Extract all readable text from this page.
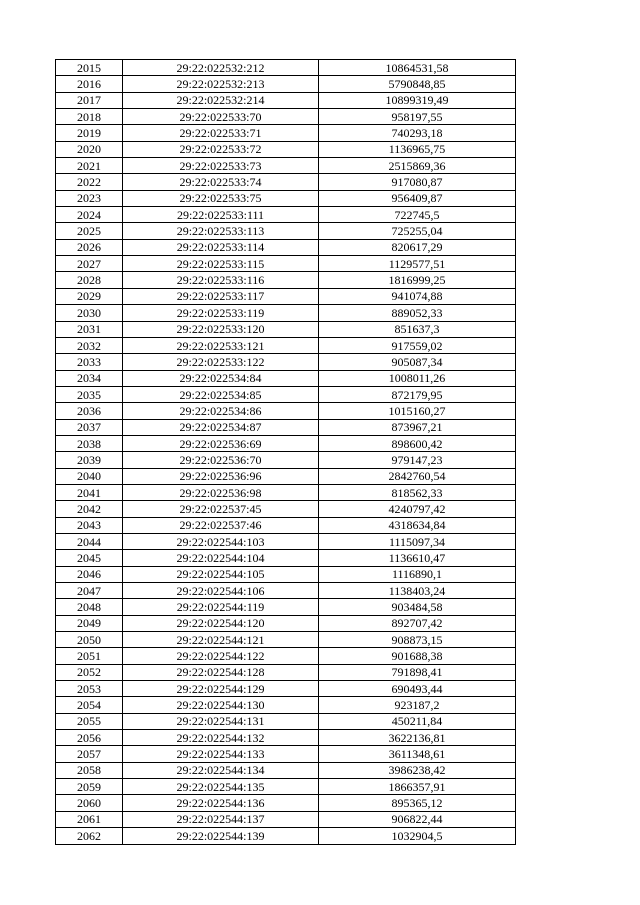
2015	29:22:022532:212	10864531,58
2016	29:22:022532:213	5790848,85
2017	29:22:022532:214	10899319,49
2018	29:22:022533:70	958197,55
2019	29:22:022533:71	740293,18
2020	29:22:022533:72	1136965,75
2021	29:22:022533:73	2515869,36
2022	29:22:022533:74	917080,87
2023	29:22:022533:75	956409,87
2024	29:22:022533:111	722745,5
2025	29:22:022533:113	725255,04
2026	29:22:022533:114	820617,29
2027	29:22:022533:115	1129577,51
2028	29:22:022533:116	1816999,25
2029	29:22:022533:117	941074,88
2030	29:22:022533:119	889052,33
2031	29:22:022533:120	851637,3
2032	29:22:022533:121	917559,02
2033	29:22:022533:122	905087,34
2034	29:22:022534:84	1008011,26
2035	29:22:022534:85	872179,95
2036	29:22:022534:86	1015160,27
2037	29:22:022534:87	873967,21
2038	29:22:022536:69	898600,42
2039	29:22:022536:70	979147,23
2040	29:22:022536:96	2842760,54
2041	29:22:022536:98	818562,33
2042	29:22:022537:45	4240797,42
2043	29:22:022537:46	4318634,84
2044	29:22:022544:103	1115097,34
2045	29:22:022544:104	1136610,47
2046	29:22:022544:105	1116890,1
2047	29:22:022544:106	1138403,24
2048	29:22:022544:119	903484,58
2049	29:22:022544:120	892707,42
2050	29:22:022544:121	908873,15
2051	29:22:022544:122	901688,38
2052	29:22:022544:128	791898,41
2053	29:22:022544:129	690493,44
2054	29:22:022544:130	923187,2
2055	29:22:022544:131	450211,84
2056	29:22:022544:132	3622136,81
2057	29:22:022544:133	3611348,61
2058	29:22:022544:134	3986238,42
2059	29:22:022544:135	1866357,91
2060	29:22:022544:136	895365,12
2061	29:22:022544:137	906822,44
2062	29:22:022544:139	1032904,5
